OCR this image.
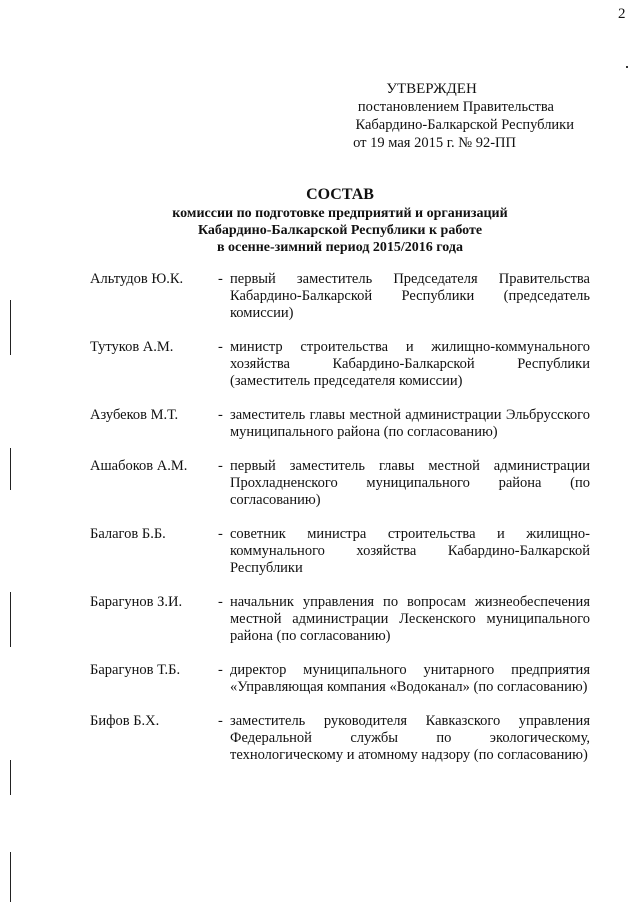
2
УТВЕРЖДЕН
постановлением Правительства
Кабардино-Балкарской Республики
от 19 мая 2015 г. № 92-ПП
СОСТАВ
комиссии по подготовке предприятий и организаций
Кабардино-Балкарской Республики к работе
в осенне-зимний период 2015/2016 года
Альтудов Ю.К. - первый заместитель Председателя Правительства Кабардино-Балкарской Республики (председатель комиссии)
Тутуков А.М.	- министр строительства и жилищно-коммунального хозяйства Кабардино-Балкарской Республики (заместитель председателя комиссии)
Азубеков М.Т.	- заместитель главы местной администрации Эльбрусского муниципального района (по согласованию)
Ашабоков А.М. - первый заместитель главы местной администрации Прохладненского муниципального района (по согласованию)
Балагов Б.Б.	- советник министра строительства и жилищно-коммунального хозяйства Кабардино-Балкарской Республики
Барагунов З.И. - начальник управления по вопросам жизнеобеспечения местной администрации Лескенского муниципального района (по согласованию)
Барагунов Т.Б.	- директор муниципального унитарного предприятия «Управляющая компания «Водоканал» (по согласованию)
Бифов Б.Х.	- заместитель руководителя Кавказского управления Федеральной службы по экологическому, технологическому и атомному надзору (по согласованию)
